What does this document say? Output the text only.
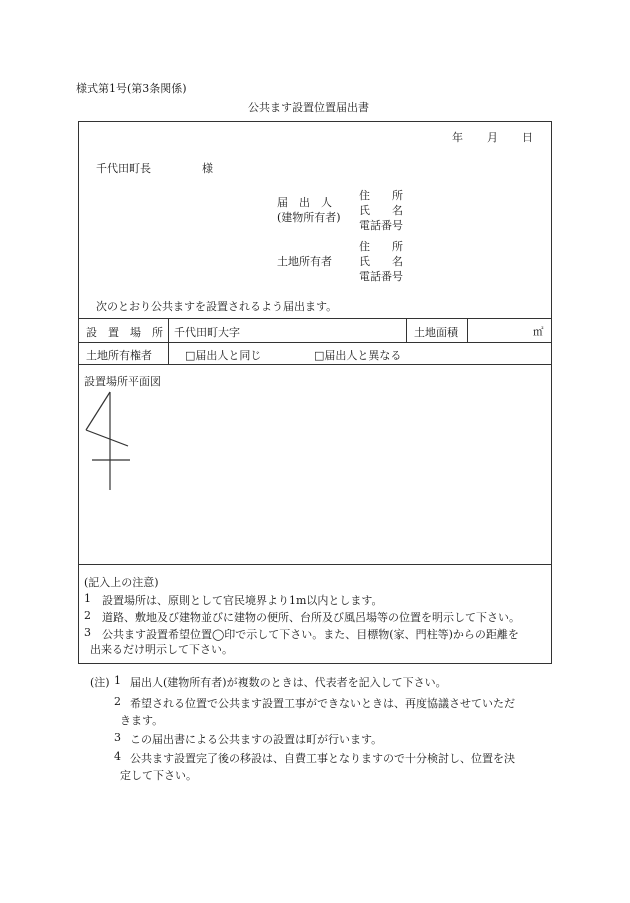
様式第1号(第3条関係)
公共ます設置位置届出書
年 月 日
千代田町長	様
届　出　人
(建物所有者)
住　　所
氏　　名
電話番号
土地所有者
住　　所
氏　　名
電話番号
次のとおり公共ますを設置されるよう届出ます。
設　置　場　所 千代田町大字	土地面積	㎡
土地所有権者	□届出人と同じ	□届出人と異なる
設置場所平面図
(記入上の注意)
1 設置場所は、原則として官民境界より1m以内とします。
2 道路、敷地及び建物並びに建物の便所、台所及び風呂場等の位置を明示して下さい。
3 公共ます設置希望位置◯印で示して下さい。また、目標物(家、門柱等)からの距離を
出来るだけ明示して下さい。
(注) 1 届出人(建物所有者)が複数のときは、代表者を記入して下さい。
2 希望される位置で公共ます設置工事ができないときは、再度協議させていただ
きます。
3 この届出書による公共ますの設置は町が行います。
4 公共ます設置完了後の移設は、自費工事となりますので十分検討し、位置を決
定して下さい。
